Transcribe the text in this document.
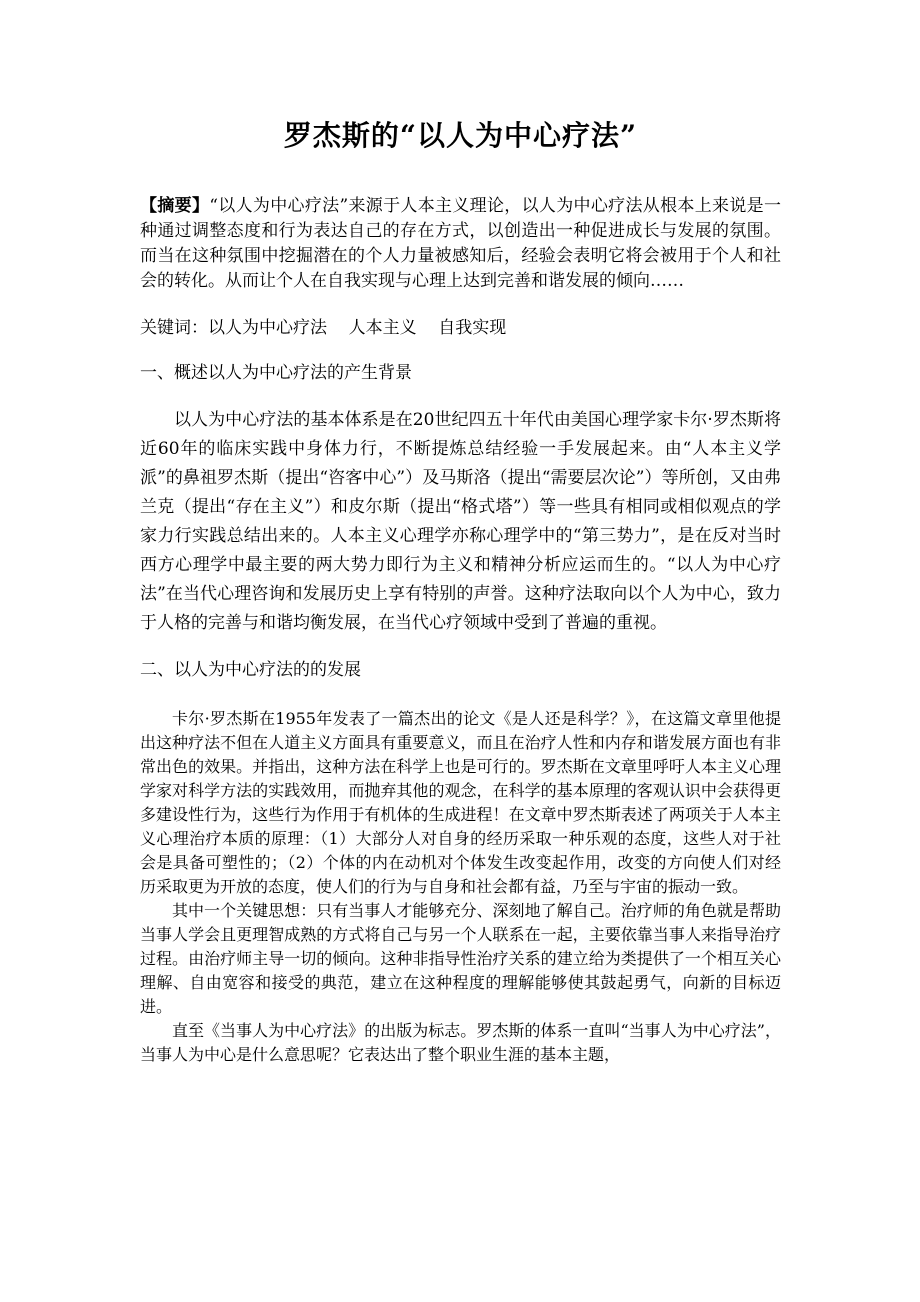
罗杰斯的“以人为中心疗法”

【摘要】“以人为中心疗法”来源于人本主义理论，以人为中心疗法从根本上来说是一种通过调整态度和行为表达自己的存在方式，以创造出一种促进成长与发展的氛围。而当在这种氛围中挖掘潜在的个人力量被感知后，经验会表明它将会被用于个人和社会的转化。从而让个人在自我实现与心理上达到完善和谐发展的倾向……

关键词：以人为中心疗法    人本主义    自我实现

一、概述以人为中心疗法的产生背景

以人为中心疗法的基本体系是在20世纪四五十年代由美国心理学家卡尔·罗杰斯将近60年的临床实践中身体力行，不断提炼总结经验一手发展起来。由“人本主义学派”的鼻祖罗杰斯（提出“咨客中心”）及马斯洛（提出“需要层次论”）等所创，又由弗兰克（提出“存在主义”）和皮尔斯（提出“格式塔”）等一些具有相同或相似观点的学家力行实践总结出来的。人本主义心理学亦称心理学中的“第三势力”，是在反对当时西方心理学中最主要的两大势力即行为主义和精神分析应运而生的。“以人为中心疗法”在当代心理咨询和发展历史上享有特别的声誉。这种疗法取向以个人为中心，致力于人格的完善与和谐均衡发展，在当代心疗领域中受到了普遍的重视。

二、以人为中心疗法的的发展

卡尔·罗杰斯在1955年发表了一篇杰出的论文《是人还是科学？》，在这篇文章里他提出这种疗法不但在人道主义方面具有重要意义，而且在治疗人性和内存和谐发展方面也有非常出色的效果。并指出，这种方法在科学上也是可行的。罗杰斯在文章里呼吁人本主义心理学家对科学方法的实践效用，而抛弃其他的观念，在科学的基本原理的客观认识中会获得更多建设性行为，这些行为作用于有机体的生成进程！在文章中罗杰斯表述了两项关于人本主义心理治疗本质的原理：（1）大部分人对自身的经历采取一种乐观的态度，这些人对于社会是具备可塑性的；（2）个体的内在动机对个体发生改变起作用，改变的方向使人们对经历采取更为开放的态度，使人们的行为与自身和社会都有益，乃至与宇宙的振动一致。

其中一个关键思想：只有当事人才能够充分、深刻地了解自己。治疗师的角色就是帮助当事人学会且更理智成熟的方式将自己与另一个人联系在一起，主要依靠当事人来指导治疗过程。由治疗师主导一切的倾向。这种非指导性治疗关系的建立给为类提供了一个相互关心理解、自由宽容和接受的典范，建立在这种程度的理解能够使其鼓起勇气，向新的目标迈进。

直至《当事人为中心疗法》的出版为标志。罗杰斯的体系一直叫“当事人为中心疗法”，当事人为中心是什么意思呢？它表达出了整个职业生涯的基本主题，
